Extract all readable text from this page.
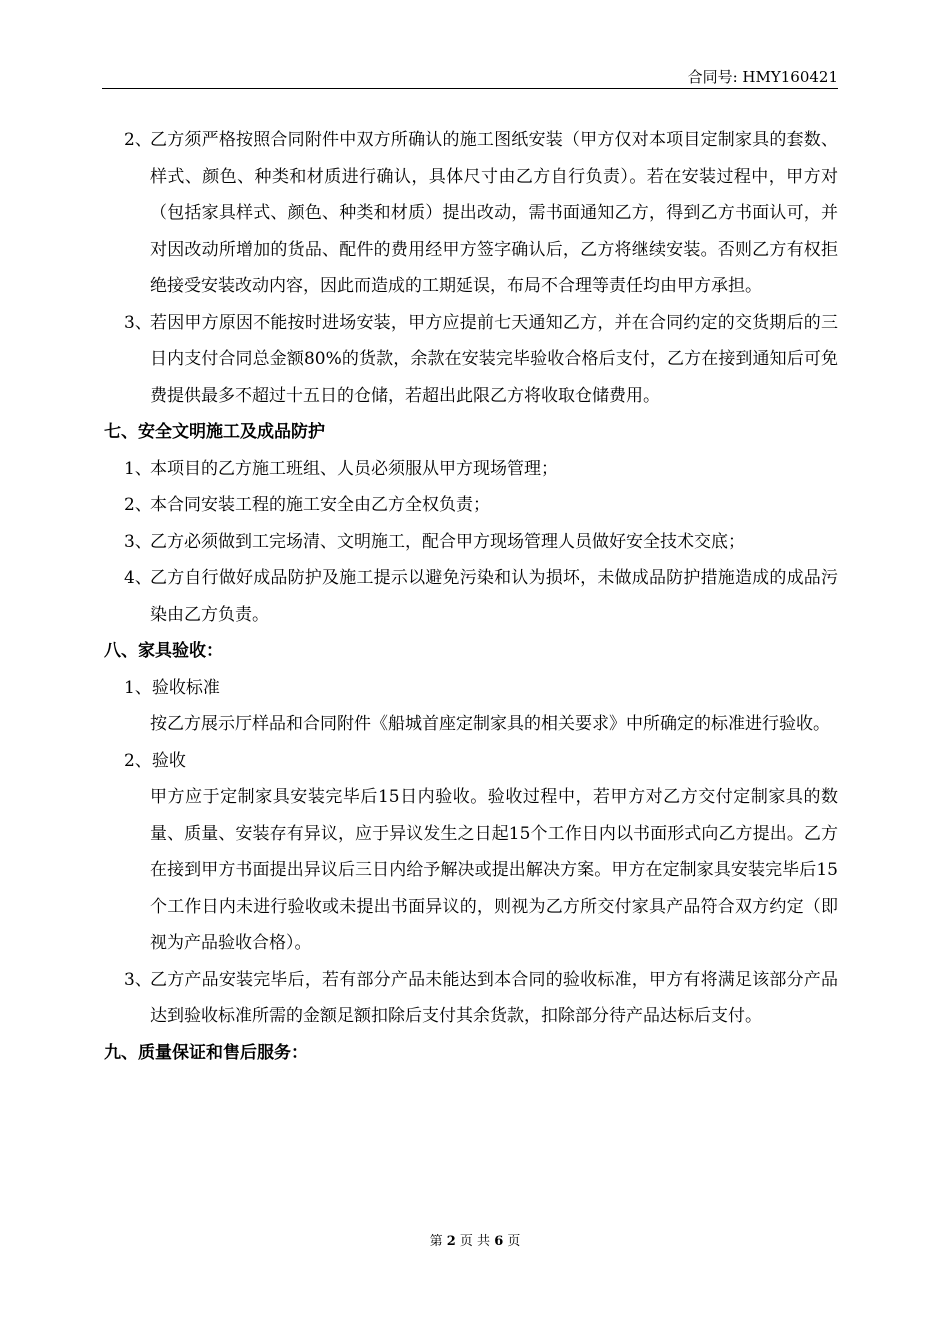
合同号: HMY160421

2、
乙方须严格按照合同附件中双方所确认的施工图纸安装（甲方仅对本项目定制家具的套数、样式、颜色、种类和材质进行确认，具体尺寸由乙方自行负责）。若在安装过程中，甲方对（包括家具样式、颜色、种类和材质）提出改动，需书面通知乙方，得到乙方书面认可，并对因改动所增加的货品、配件的费用经甲方签字确认后，乙方将继续安装。否则乙方有权拒绝接受安装改动内容，因此而造成的工期延误，布局不合理等责任均由甲方承担。

3、
若因甲方原因不能按时进场安装，甲方应提前七天通知乙方，并在合同约定的交货期后的三日内支付合同总金额80%的货款，余款在安装完毕验收合格后支付，乙方在接到通知后可免费提供最多不超过十五日的仓储，若超出此限乙方将收取仓储费用。

七、安全文明施工及成品防护

1、
本项目的乙方施工班组、人员必须服从甲方现场管理；

2、
本合同安装工程的施工安全由乙方全权负责；

3、
乙方必须做到工完场清、文明施工，配合甲方现场管理人员做好安全技术交底；

4、
乙方自行做好成品防护及施工提示以避免污染和认为损坏，未做成品防护措施造成的成品污染由乙方负责。

八、家具验收：

1、验收标准

按乙方展示厅样品和合同附件《船城首座定制家具的相关要求》中所确定的标准进行验收。

2、验收

甲方应于定制家具安装完毕后15日内验收。验收过程中，若甲方对乙方交付定制家具的数量、质量、安装存有异议，应于异议发生之日起15个工作日内以书面形式向乙方提出。乙方在接到甲方书面提出异议后三日内给予解决或提出解决方案。甲方在定制家具安装完毕后15个工作日内未进行验收或未提出书面异议的，则视为乙方所交付家具产品符合双方约定（即视为产品验收合格）。

3、
乙方产品安装完毕后，若有部分产品未能达到本合同的验收标准，甲方有将满足该部分产品达到验收标准所需的金额足额扣除后支付其余货款，扣除部分待产品达标后支付。

九、质量保证和售后服务：

第 2 页 共 6 页
